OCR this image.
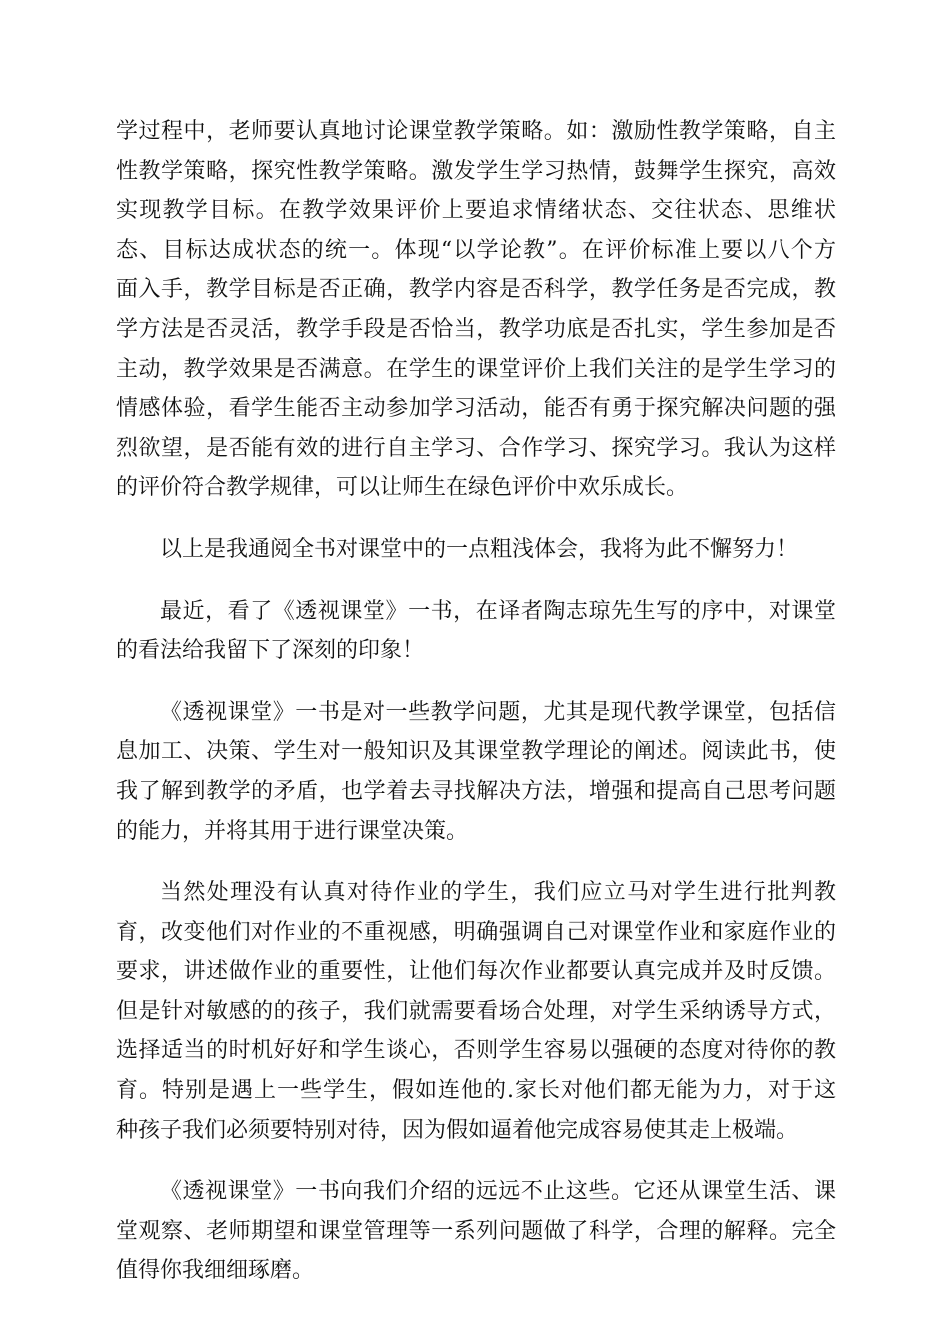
学过程中，老师要认真地讨论课堂教学策略。如：激励性教学策略，自主
性教学策略，探究性教学策略。激发学生学习热情，鼓舞学生探究，高效
实现教学目标。在教学效果评价上要追求情绪状态、交往状态、思维状
态、目标达成状态的统一。体现“以学论教”。在评价标准上要以八个方
面入手，教学目标是否正确，教学内容是否科学，教学任务是否完成，教
学方法是否灵活，教学手段是否恰当，教学功底是否扎实，学生参加是否
主动，教学效果是否满意。在学生的课堂评价上我们关注的是学生学习的
情感体验，看学生能否主动参加学习活动，能否有勇于探究解决问题的强
烈欲望，是否能有效的进行自主学习、合作学习、探究学习。我认为这样
的评价符合教学规律，可以让师生在绿色评价中欢乐成长。
以上是我通阅全书对课堂中的一点粗浅体会，我将为此不懈努力！
最近，看了《透视课堂》一书，在译者陶志琼先生写的序中，对课堂
的看法给我留下了深刻的印象！
《透视课堂》一书是对一些教学问题，尤其是现代教学课堂，包括信
息加工、决策、学生对一般知识及其课堂教学理论的阐述。阅读此书，使
我了解到教学的矛盾，也学着去寻找解决方法，增强和提高自己思考问题
的能力，并将其用于进行课堂决策。
当然处理没有认真对待作业的学生，我们应立马对学生进行批判教
育，改变他们对作业的不重视感，明确强调自己对课堂作业和家庭作业的
要求，讲述做作业的重要性，让他们每次作业都要认真完成并及时反馈。
但是针对敏感的的孩子，我们就需要看场合处理，对学生采纳诱导方式，
选择适当的时机好好和学生谈心，否则学生容易以强硬的态度对待你的教
育。特别是遇上一些学生，假如连他的.家长对他们都无能为力，对于这
种孩子我们必须要特别对待，因为假如逼着他完成容易使其走上极端。
《透视课堂》一书向我们介绍的远远不止这些。它还从课堂生活、课
堂观察、老师期望和课堂管理等一系列问题做了科学，合理的解释。完全
值得你我细细琢磨。
